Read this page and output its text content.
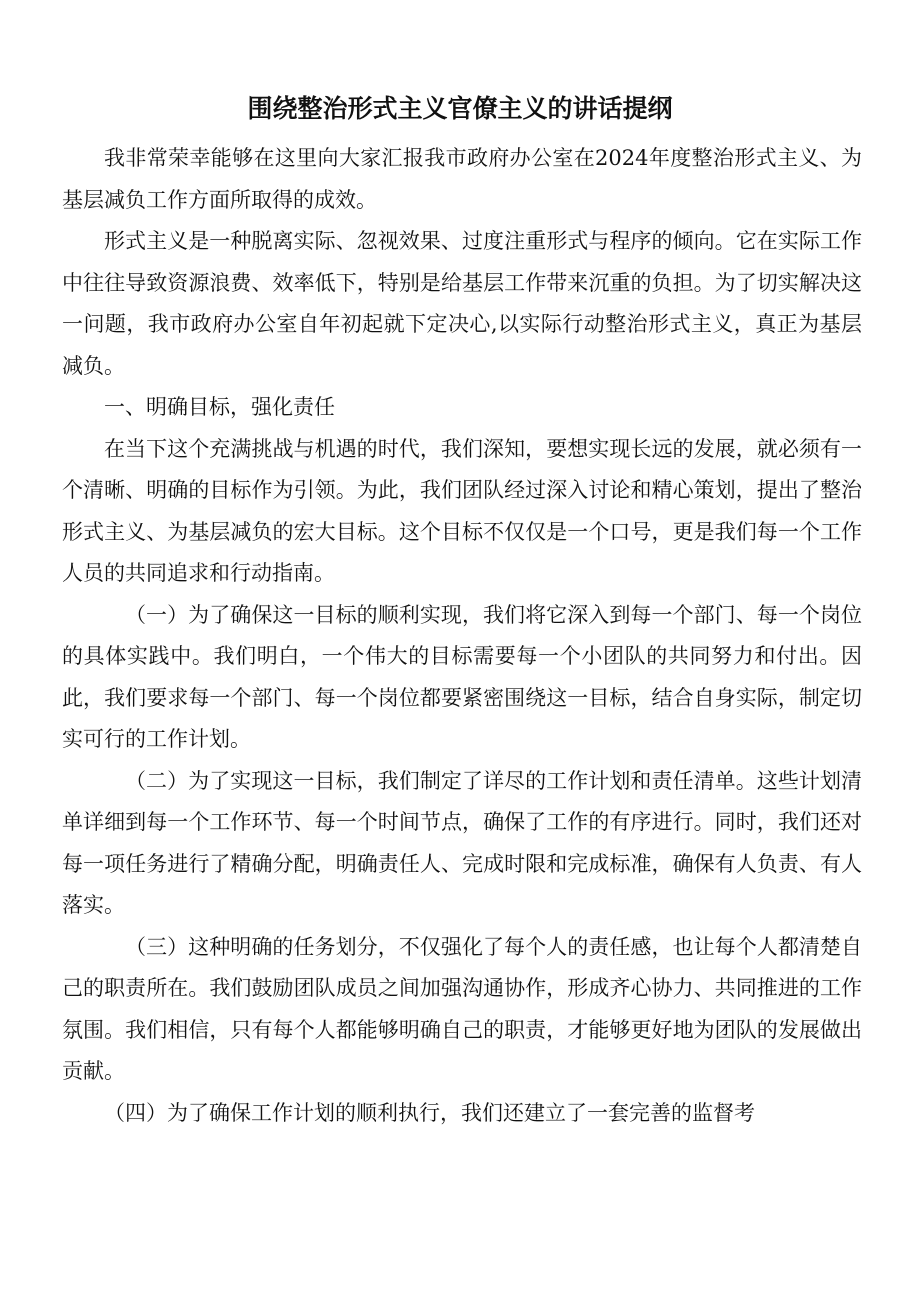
围绕整治形式主义官僚主义的讲话提纲

我非常荣幸能够在这里向大家汇报我市政府办公室在2024年度整治形式主义、为基层减负工作方面所取得的成效。

形式主义是一种脱离实际、忽视效果、过度注重形式与程序的倾向。它在实际工作中往往导致资源浪费、效率低下，特别是给基层工作带来沉重的负担。为了切实解决这一问题，我市政府办公室自年初起就下定决心,以实际行动整治形式主义，真正为基层减负。

一、明确目标，强化责任

在当下这个充满挑战与机遇的时代，我们深知，要想实现长远的发展，就必须有一个清晰、明确的目标作为引领。为此，我们团队经过深入讨论和精心策划，提出了整治形式主义、为基层减负的宏大目标。这个目标不仅仅是一个口号，更是我们每一个工作人员的共同追求和行动指南。

（一）为了确保这一目标的顺利实现，我们将它深入到每一个部门、每一个岗位的具体实践中。我们明白，一个伟大的目标需要每一个小团队的共同努力和付出。因此，我们要求每一个部门、每一个岗位都要紧密围绕这一目标，结合自身实际，制定切实可行的工作计划。

（二）为了实现这一目标，我们制定了详尽的工作计划和责任清单。这些计划清单详细到每一个工作环节、每一个时间节点，确保了工作的有序进行。同时，我们还对每一项任务进行了精确分配，明确责任人、完成时限和完成标准，确保有人负责、有人落实。

（三）这种明确的任务划分，不仅强化了每个人的责任感，也让每个人都清楚自己的职责所在。我们鼓励团队成员之间加强沟通协作，形成齐心协力、共同推进的工作氛围。我们相信，只有每个人都能够明确自己的职责，才能够更好地为团队的发展做出贡献。

（四）为了确保工作计划的顺利执行，我们还建立了一套完善的监督考
